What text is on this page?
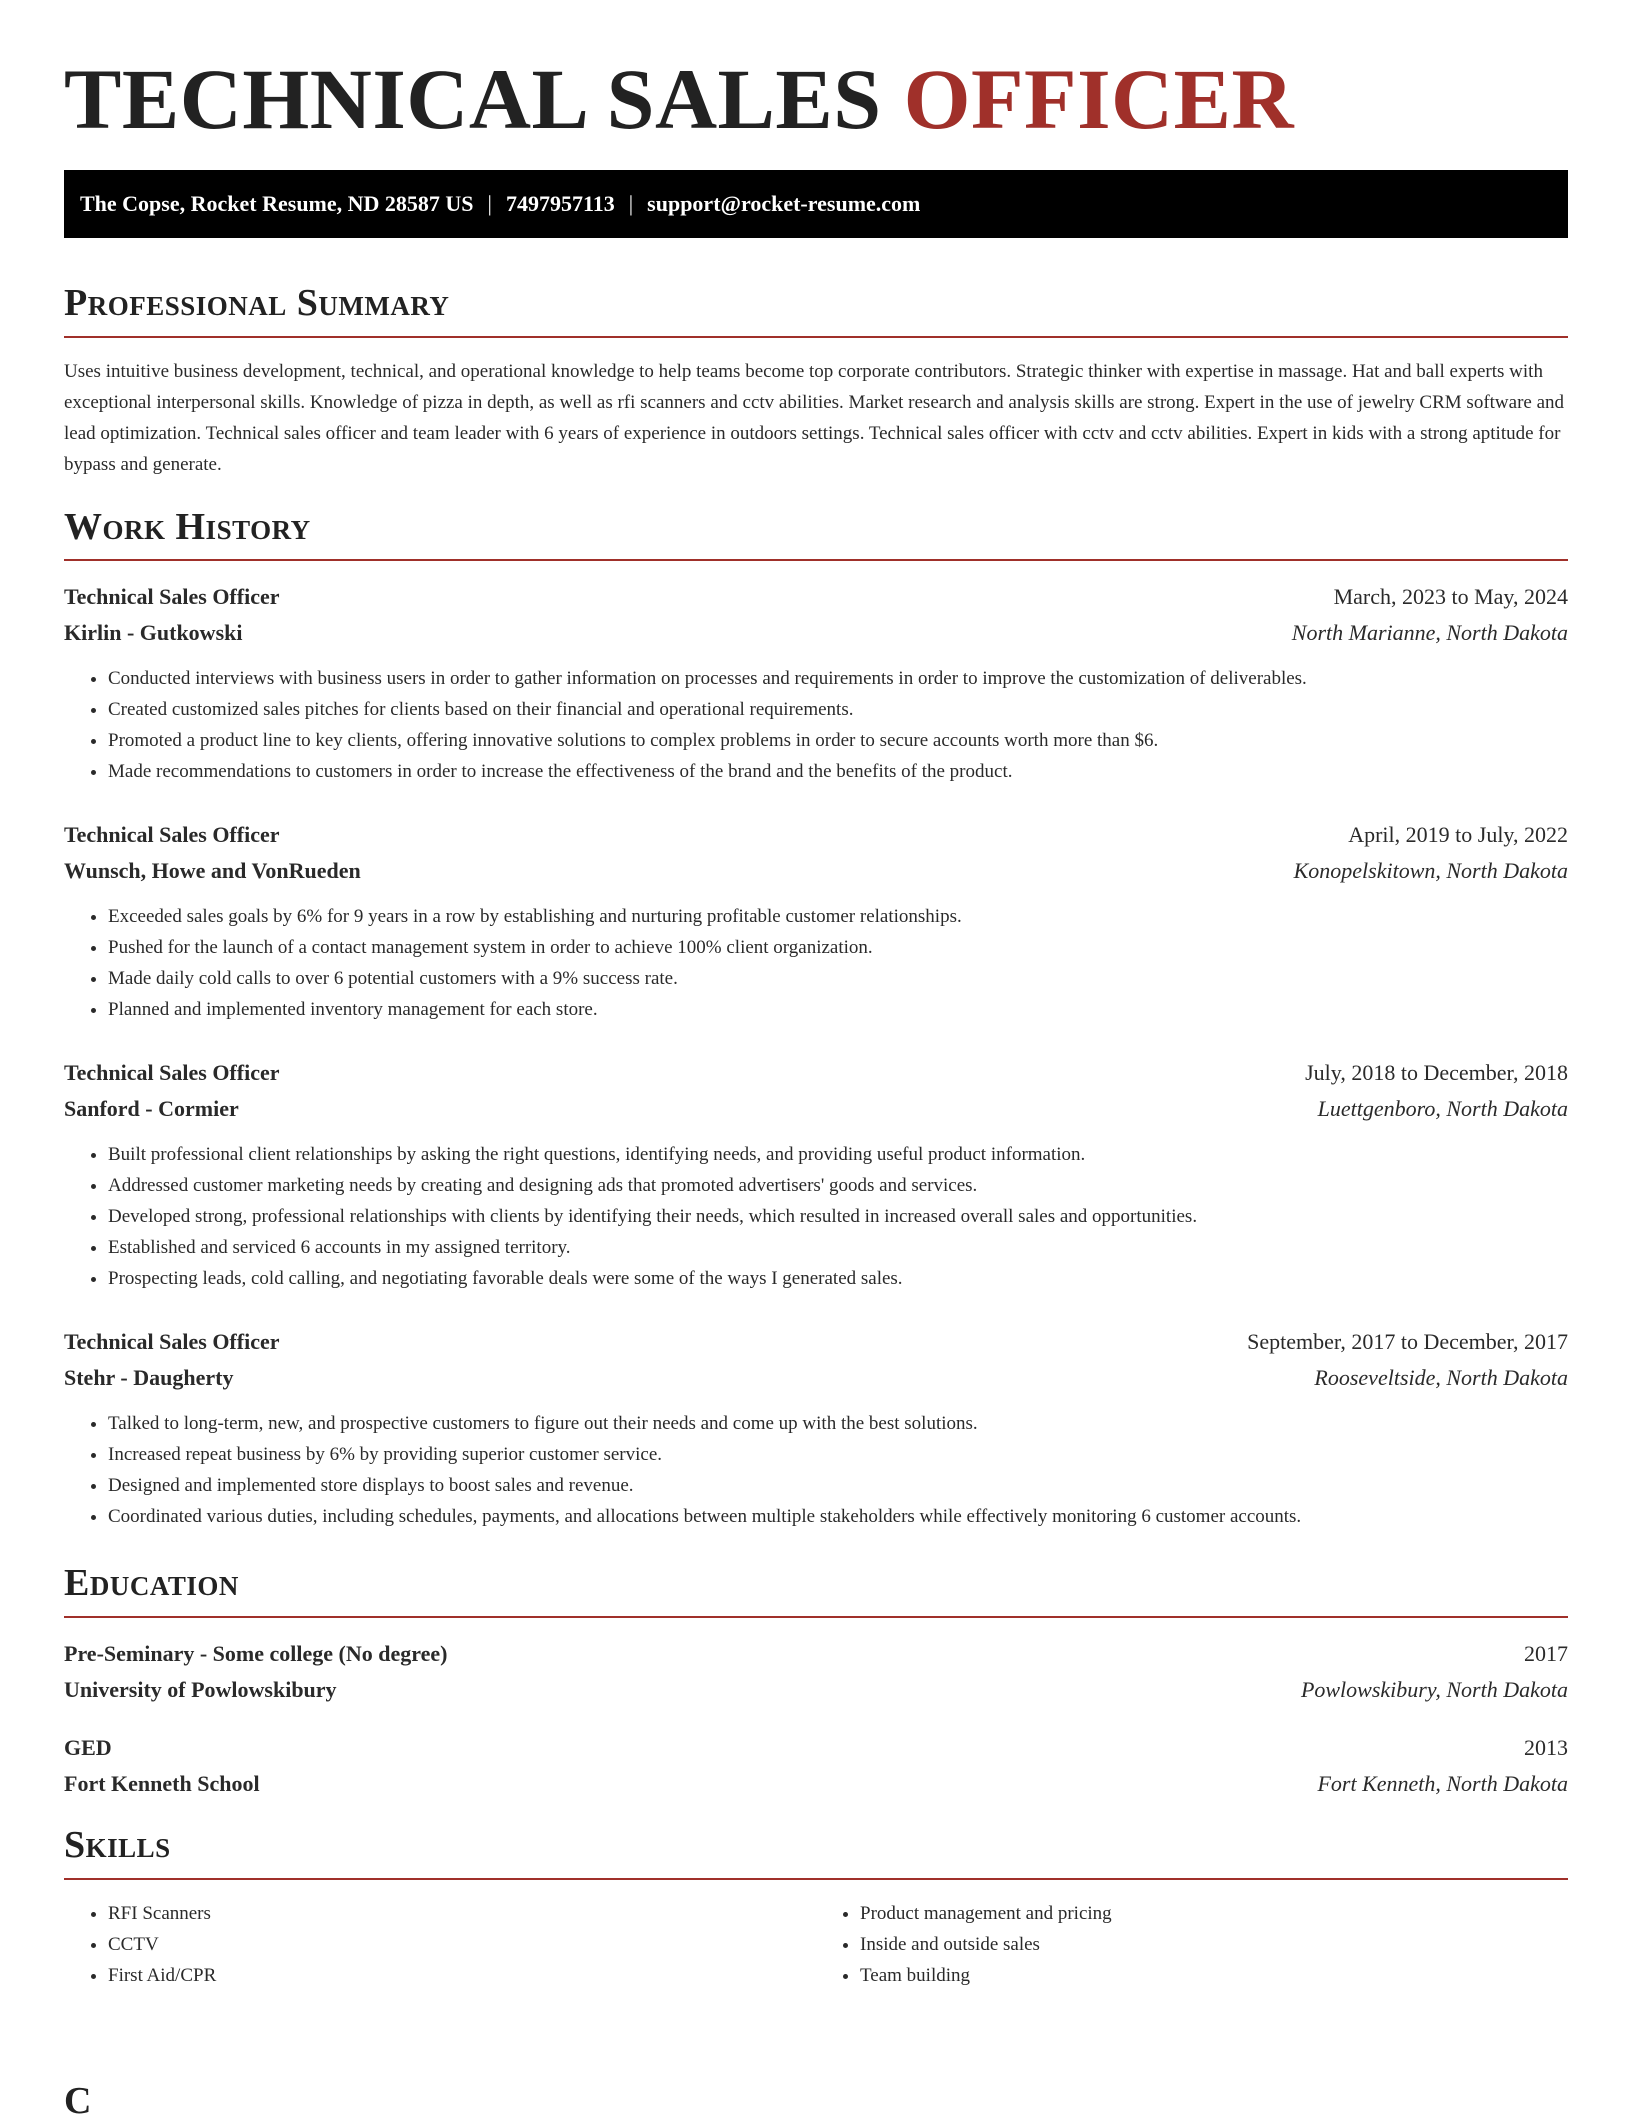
TECHNICAL SALES OFFICER
The Copse, Rocket Resume, ND 28587 US | 7497957113 | support@rocket-resume.com
Professional Summary

Uses intuitive business development, technical, and operational knowledge to help teams become top corporate contributors. Strategic thinker with expertise in massage. Hat and ball experts with exceptional interpersonal skills. Knowledge of pizza in depth, as well as rfi scanners and cctv abilities. Market research and analysis skills are strong. Expert in the use of jewelry CRM software and lead optimization. Technical sales officer and team leader with 6 years of experience in outdoors settings. Technical sales officer with cctv and cctv abilities. Expert in kids with a strong aptitude for bypass and generate.

Work History
Technical Sales Officer	March, 2023 to May, 2024
Kirlin - Gutkowski	North Marianne, North Dakota
• Conducted interviews with business users in order to gather information on processes and requirements in order to improve the customization of deliverables.
• Created customized sales pitches for clients based on their financial and operational requirements.
• Promoted a product line to key clients, offering innovative solutions to complex problems in order to secure accounts worth more than $6.
• Made recommendations to customers in order to increase the effectiveness of the brand and the benefits of the product.
Technical Sales Officer	April, 2019 to July, 2022
Wunsch, Howe and VonRueden	Konopelskitown, North Dakota
• Exceeded sales goals by 6% for 9 years in a row by establishing and nurturing profitable customer relationships.
• Pushed for the launch of a contact management system in order to achieve 100% client organization.
• Made daily cold calls to over 6 potential customers with a 9% success rate.
• Planned and implemented inventory management for each store.
Technical Sales Officer	July, 2018 to December, 2018
Sanford - Cormier	Luettgenboro, North Dakota
• Built professional client relationships by asking the right questions, identifying needs, and providing useful product information.
• Addressed customer marketing needs by creating and designing ads that promoted advertisers' goods and services.
• Developed strong, professional relationships with clients by identifying their needs, which resulted in increased overall sales and opportunities.
• Established and serviced 6 accounts in my assigned territory.
• Prospecting leads, cold calling, and negotiating favorable deals were some of the ways I generated sales.
Technical Sales Officer	September, 2017 to December, 2017
Stehr - Daugherty	Rooseveltside, North Dakota
• Talked to long-term, new, and prospective customers to figure out their needs and come up with the best solutions.
• Increased repeat business by 6% by providing superior customer service.
• Designed and implemented store displays to boost sales and revenue.
• Coordinated various duties, including schedules, payments, and allocations between multiple stakeholders while effectively monitoring 6 customer accounts.
Education
Pre-Seminary - Some college (No degree)	2017
University of Powlowskibury	Powlowskibury, North Dakota
GED	2013
Fort Kenneth School	Fort Kenneth, North Dakota
Skills
• RFI Scanners
• CCTV
• First Aid/CPR
• Product management and pricing
• Inside and outside sales
• Team building
C
